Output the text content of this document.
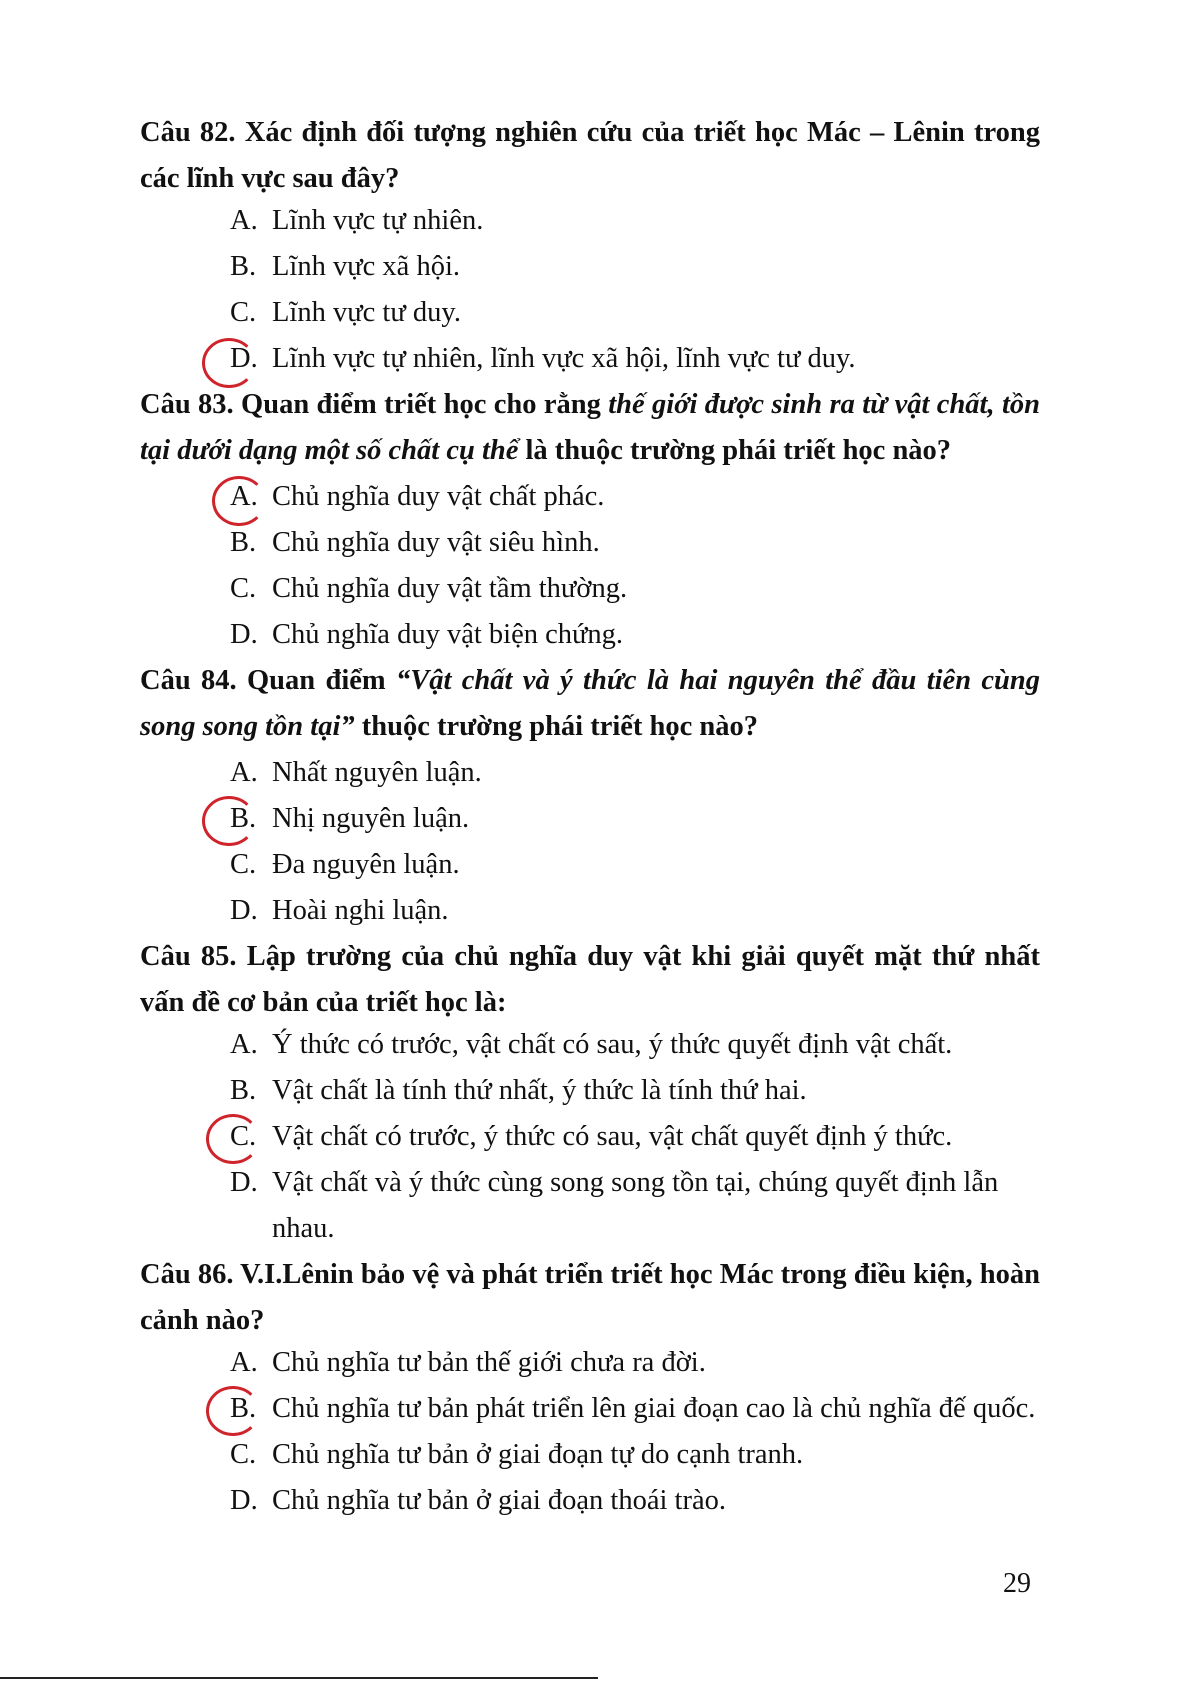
Câu 82. Xác định đối tượng nghiên cứu của triết học Mác – Lênin trong các lĩnh vực sau đây?
A. Lĩnh vực tự nhiên.
B. Lĩnh vực xã hội.
C. Lĩnh vực tư duy.
D. Lĩnh vực tự nhiên, lĩnh vực xã hội, lĩnh vực tư duy.
Câu 83. Quan điểm triết học cho rằng thế giới được sinh ra từ vật chất, tồn tại dưới dạng một số chất cụ thể là thuộc trường phái triết học nào?
A. Chủ nghĩa duy vật chất phác.
B. Chủ nghĩa duy vật siêu hình.
C. Chủ nghĩa duy vật tầm thường.
D. Chủ nghĩa duy vật biện chứng.
Câu 84. Quan điểm “Vật chất và ý thức là hai nguyên thể đầu tiên cùng song song tồn tại” thuộc trường phái triết học nào?
A. Nhất nguyên luận.
B. Nhị nguyên luận.
C. Đa nguyên luận.
D. Hoài nghi luận.
Câu 85. Lập trường của chủ nghĩa duy vật khi giải quyết mặt thứ nhất vấn đề cơ bản của triết học là:
A. Ý thức có trước, vật chất có sau, ý thức quyết định vật chất.
B. Vật chất là tính thứ nhất, ý thức là tính thứ hai.
C. Vật chất có trước, ý thức có sau, vật chất quyết định ý thức.
D. Vật chất và ý thức cùng song song tồn tại, chúng quyết định lẫn
nhau.
Câu 86. V.I.Lênin bảo vệ và phát triển triết học Mác trong điều kiện, hoàn cảnh nào?
A. Chủ nghĩa tư bản thế giới chưa ra đời.
B. Chủ nghĩa tư bản phát triển lên giai đoạn cao là chủ nghĩa đế quốc.
C. Chủ nghĩa tư bản ở giai đoạn tự do cạnh tranh.
D. Chủ nghĩa tư bản ở giai đoạn thoái trào.
29
